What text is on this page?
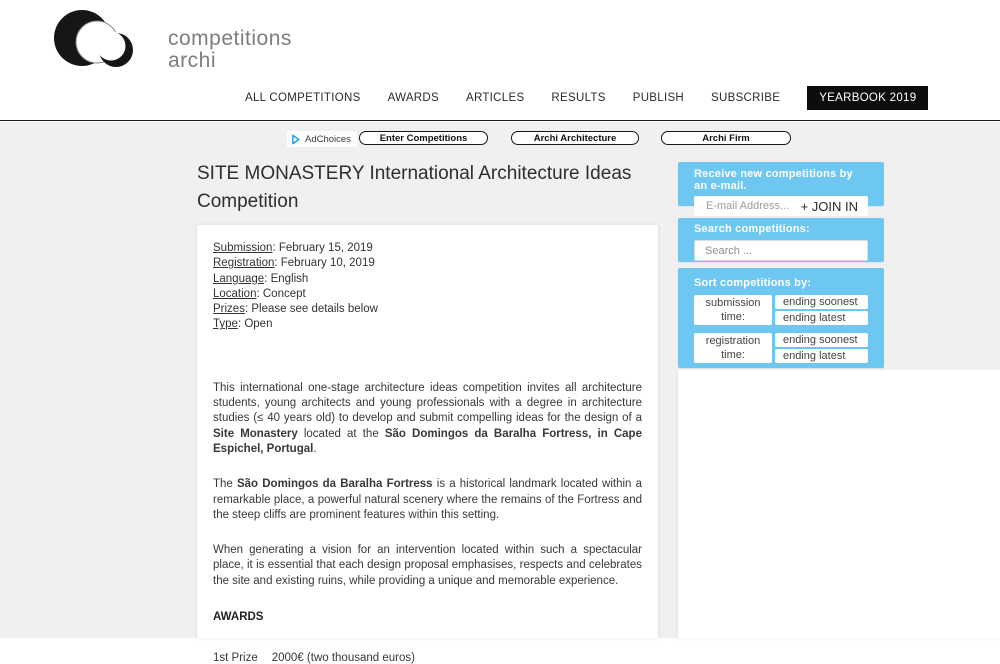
competitions
archi
ALL COMPETITIONS AWARDS ARTICLES RESULTS PUBLISH SUBSCRIBE	YEARBOOK 2019
AdChoices	Enter Competitions	Archi Architecture	Archi Firm
SITE MONASTERY International Architecture Ideas Competition
Submission: February 15, 2019
Registration: February 10, 2019
Language: English
Location: Concept
Prizes: Please see details below
Type: Open

This international one-stage architecture ideas competition invites all architecture students, young architects and young professionals with a degree in architecture studies (≤ 40 years old) to develop and submit compelling ideas for the design of a Site Monastery located at the São Domingos da Baralha Fortress, in Cape Espichel, Portugal.

The São Domingos da Baralha Fortress is a historical landmark located within a remarkable place, a powerful natural scenery where the remains of the Fortress and the steep cliffs are prominent features within this setting.

When generating a vision for an intervention located within such a spectacular place, it is essential that each design proposal emphasises, respects and celebrates the site and existing ruins, while providing a unique and memorable experience.

AWARDS
1st Prize 2000€ (two thousand euros)
Receive new competitions by an e-mail.
E-mail Address...
+ JOIN IN
Search competitions:
Search ...
Sort competitions by:
submission
time:
ending soonest
ending latest
registration
time:
ending soonest
ending latest
